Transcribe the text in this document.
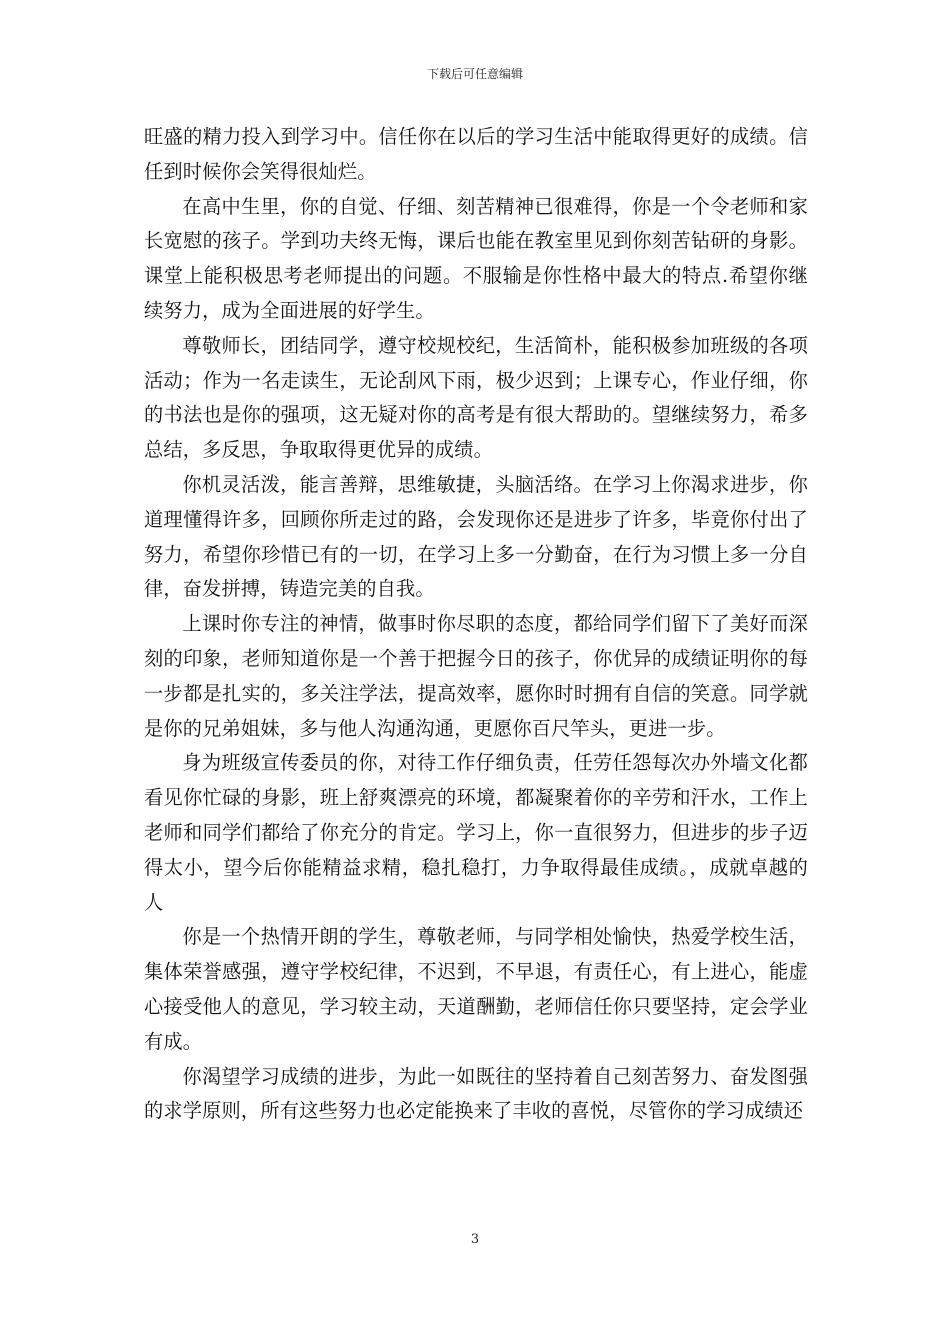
下载后可任意编辑

旺盛的精力投入到学习中。信任你在以后的学习生活中能取得更好的成绩。信任到时候你会笑得很灿烂。

在高中生里，你的自觉、仔细、刻苦精神已很难得，你是一个令老师和家长宽慰的孩子。学到功夫终无悔，课后也能在教室里见到你刻苦钻研的身影。课堂上能积极思考老师提出的问题。不服输是你性格中最大的特点.希望你继续努力，成为全面进展的好学生。

尊敬师长，团结同学，遵守校规校纪，生活简朴，能积极参加班级的各项活动；作为一名走读生，无论刮风下雨，极少迟到；上课专心，作业仔细，你的书法也是你的强项，这无疑对你的高考是有很大帮助的。望继续努力，希多总结，多反思，争取取得更优异的成绩。

你机灵活泼，能言善辩，思维敏捷，头脑活络。在学习上你渴求进步，你道理懂得许多，回顾你所走过的路，会发现你还是进步了许多，毕竟你付出了努力，希望你珍惜已有的一切，在学习上多一分勤奋，在行为习惯上多一分自律，奋发拼搏，铸造完美的自我。

上课时你专注的神情，做事时你尽职的态度，都给同学们留下了美好而深刻的印象，老师知道你是一个善于把握今日的孩子，你优异的成绩证明你的每一步都是扎实的，多关注学法，提高效率，愿你时时拥有自信的笑意。同学就是你的兄弟姐妹，多与他人沟通沟通，更愿你百尺竿头，更进一步。

身为班级宣传委员的你，对待工作仔细负责，任劳任怨每次办外墙文化都看见你忙碌的身影，班上舒爽漂亮的环境，都凝聚着你的辛劳和汗水，工作上老师和同学们都给了你充分的肯定。学习上，你一直很努力，但进步的步子迈得太小，望今后你能精益求精，稳扎稳打，力争取得最佳成绩。，成就卓越的人

你是一个热情开朗的学生，尊敬老师，与同学相处愉快，热爱学校生活，集体荣誉感强，遵守学校纪律，不迟到，不早退，有责任心，有上进心，能虚心接受他人的意见，学习较主动，天道酬勤，老师信任你只要坚持，定会学业有成。

你渴望学习成绩的进步，为此一如既往的坚持着自己刻苦努力、奋发图强的求学原则，所有这些努力也必定能换来了丰收的喜悦，尽管你的学习成绩还

3
